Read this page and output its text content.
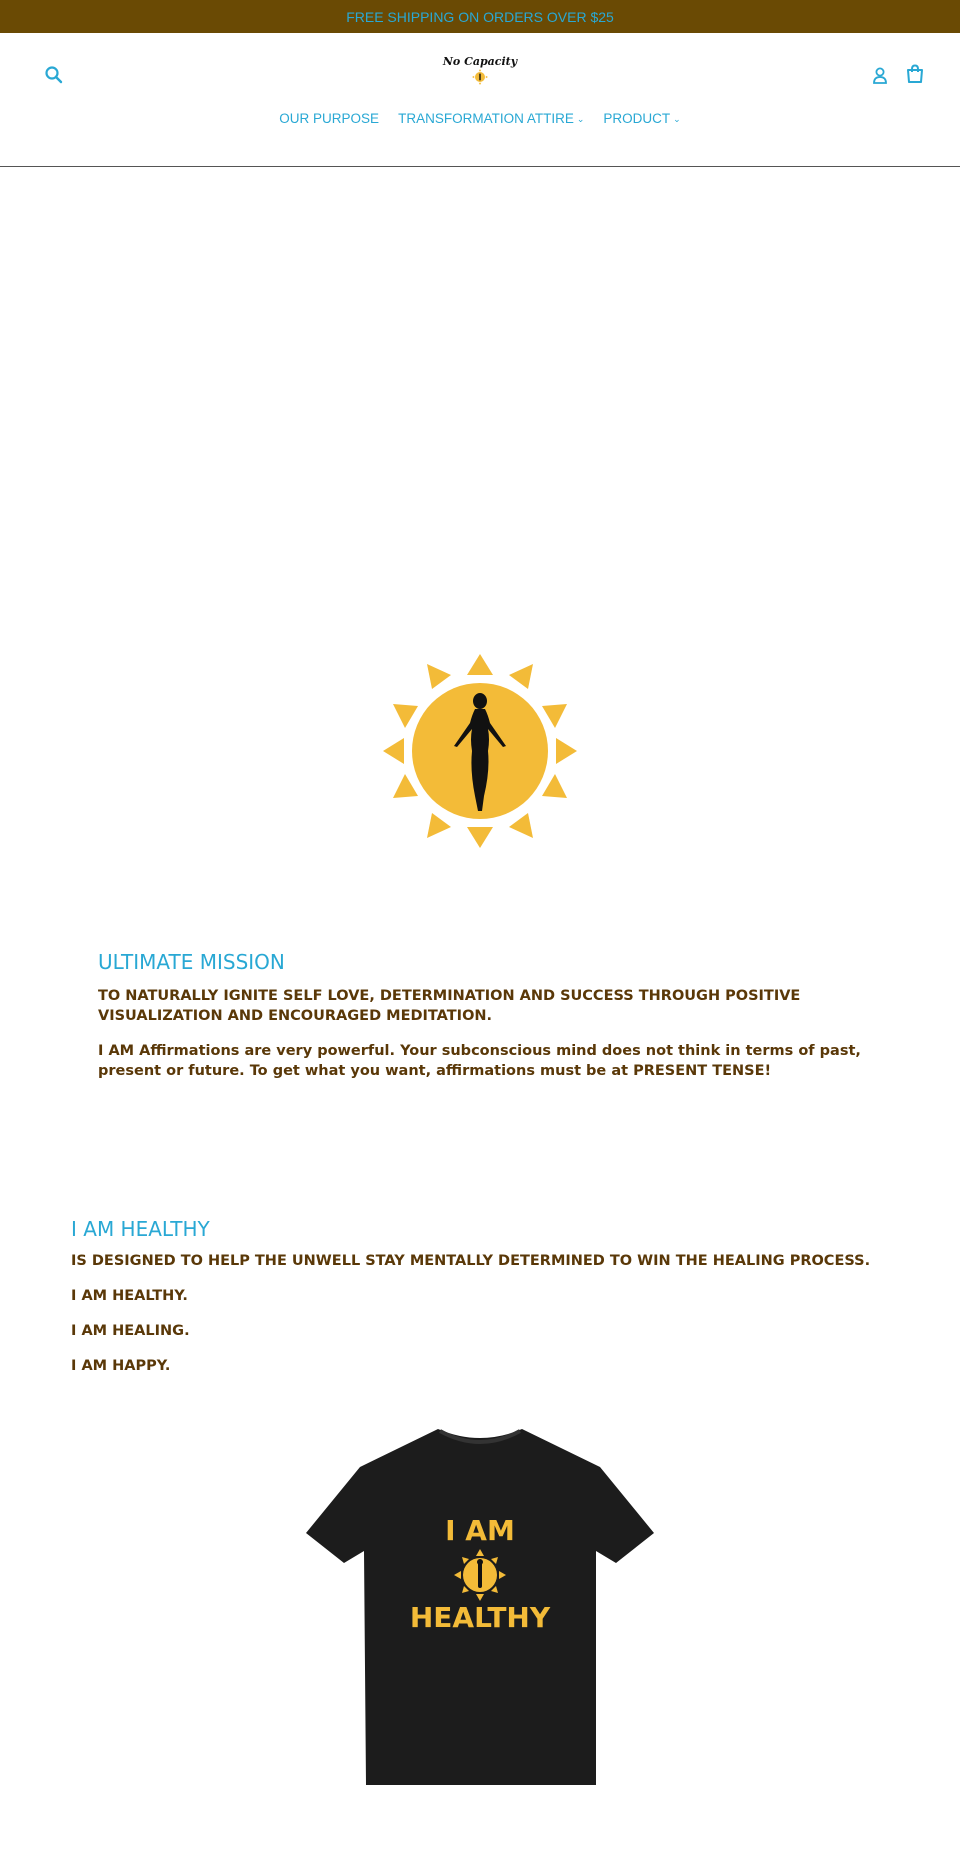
FREE SHIPPING ON ORDERS OVER $25
No Capacity
OUR PURPOSE TRANSFORMATION ATTIRE ⌄ PRODUCT ⌄
ULTIMATE MISSION

TO NATURALLY IGNITE SELF LOVE, DETERMINATION AND SUCCESS THROUGH POSITIVE VISUALIZATION AND ENCOURAGED MEDITATION.

I AM Affirmations are very powerful. Your subconscious mind does not think in terms of past, present or future. To get what you want, affirmations must be at PRESENT TENSE!

I AM HEALTHY

IS DESIGNED TO HELP THE UNWELL STAY MENTALLY DETERMINED TO WIN THE HEALING PROCESS.

I AM HEALTHY.

I AM HEALING.

I AM HAPPY.

I AM
HEALTHY
